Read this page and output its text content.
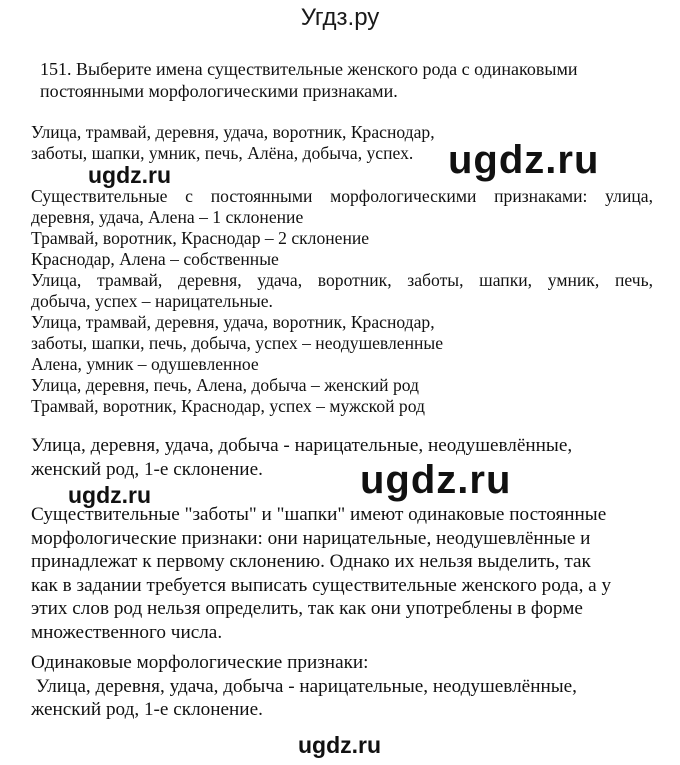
Угдз.ру
151. Выберите имена существительные женского рода с одинаковыми
постоянными морфологическими признаками.
Улица, трамвай, деревня, удача, воротник, Краснодар,
заботы, шапки, умник, печь, Алёна, добыча, успех.
Существительные с постоянными морфологическими признаками: улица,
деревня, удача, Алена – 1 склонение
Трамвай, воротник, Краснодар – 2 склонение
Краснодар, Алена – собственные
Улица, трамвай, деревня, удача, воротник, заботы, шапки, умник, печь,
добыча, успех – нарицательные.
Улица, трамвай, деревня, удача, воротник, Краснодар,
заботы, шапки, печь, добыча, успех – неодушевленные
Алена, умник – одушевленное
Улица, деревня, печь, Алена, добыча – женский род
Трамвай, воротник, Краснодар, успех – мужской род
Улица, деревня, удача, добыча - нарицательные, неодушевлённые,
женский род, 1-е склонение.
Существительные "заботы" и "шапки" имеют одинаковые постоянные
морфологические признаки: они нарицательные, неодушевлённые и
принадлежат к первому склонению. Однако их нельзя выделить, так
как в задании требуется выписать существительные женского рода, а у
этих слов род нельзя определить, так как они употреблены в форме
множественного числа.
Одинаковые морфологические признаки:
Улица, деревня, удача, добыча - нарицательные, неодушевлённые,
женский род, 1-е склонение.
ugdz.ru
ugdz.ru
ugdz.ru
ugdz.ru
ugdz.ru
